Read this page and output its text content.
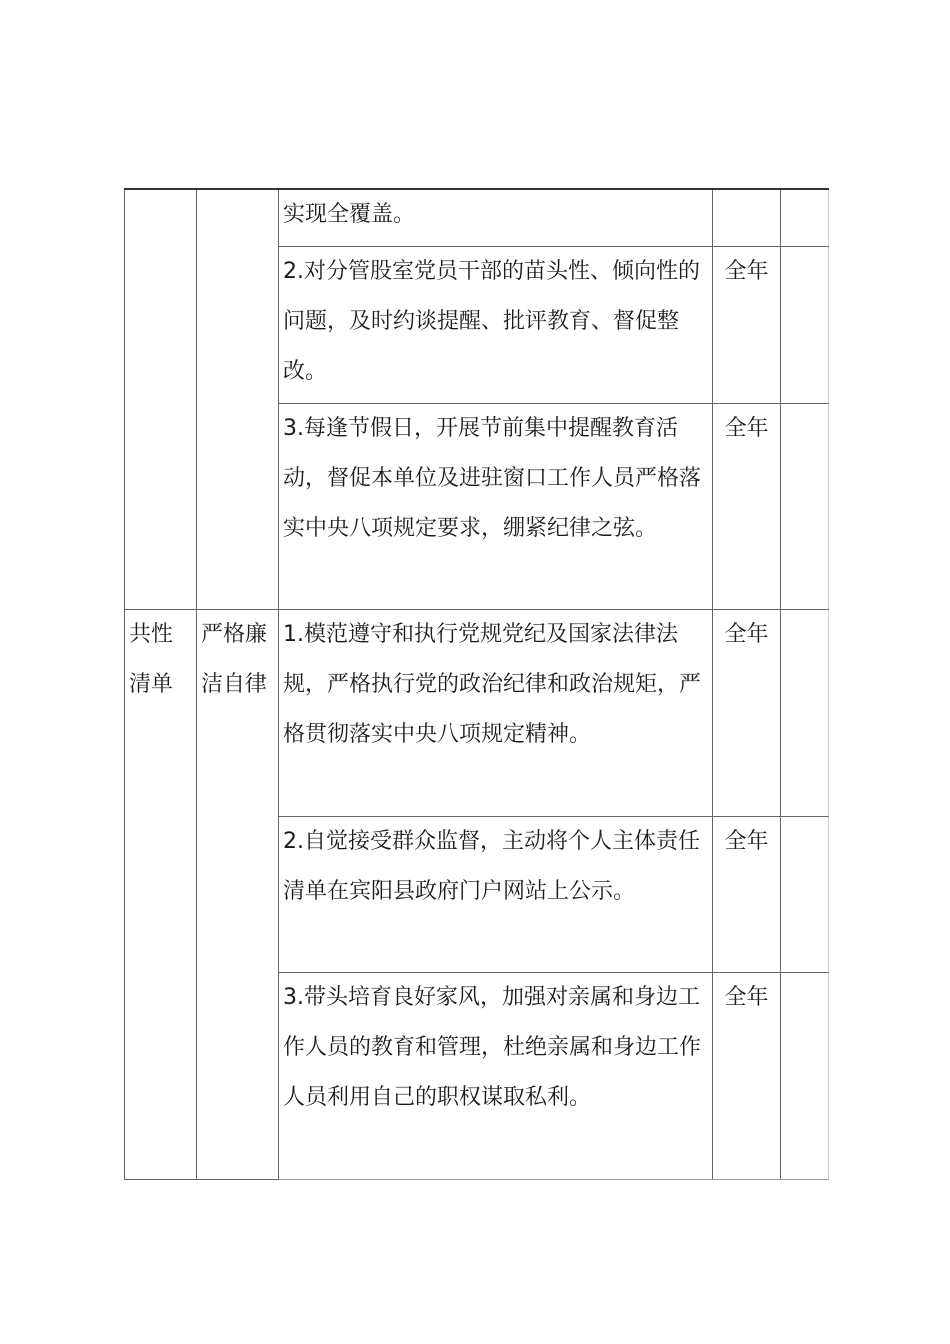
		实现全覆盖。		
		2.对分管股室党员干部的苗头性、倾向性的问题，及时约谈提醒、批评教育、督促整改。	全年	
		3.每逢节假日，开展节前集中提醒教育活动，督促本单位及进驻窗口工作人员严格落实中央八项规定要求，绷紧纪律之弦。	全年	
共性清单	严格廉洁自律	1.模范遵守和执行党规党纪及国家法律法规，严格执行党的政治纪律和政治规矩，严格贯彻落实中央八项规定精神。	全年	
		2.自觉接受群众监督，主动将个人主体责任清单在宾阳县政府门户网站上公示。	全年	
		3.带头培育良好家风，加强对亲属和身边工作人员的教育和管理，杜绝亲属和身边工作人员利用自己的职权谋取私利。	全年	
